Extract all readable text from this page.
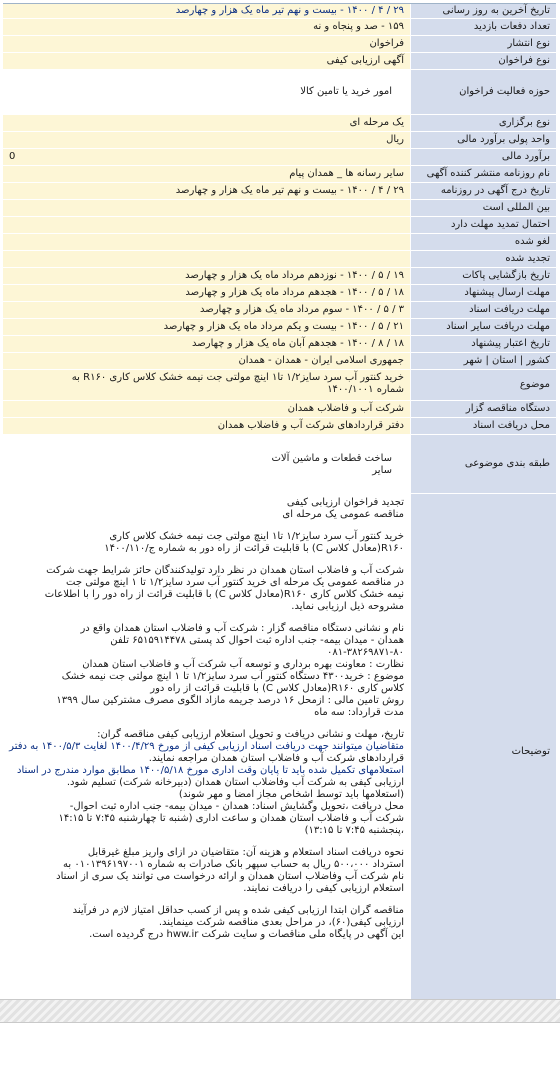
تاریخ آخرین به روز رسانی
۲۹ / ۴ / ۱۴۰۰ - بیست و نهم تیر ماه یک هزار و چهارصد
تعداد دفعات بازدید
۱۵۹ - صد و پنجاه و نه
نوع انتشار
فراخوان
نوع فراخوان
آگهی ارزیابی کیفی
حوزه فعالیت فراخوان
امور خرید یا تامین کالا
نوع برگزاری
یک مرحله ای
واحد پولی برآورد مالی
ریال
برآورد مالی
0
نام روزنامه منتشر کننده آگهی
سایر رسانه ها _ همدان پیام
تاریخ درج آگهی در روزنامه
۲۹ / ۴ / ۱۴۰۰ - بیست و نهم تیر ماه یک هزار و چهارصد
بین المللی است
احتمال تمدید مهلت دارد
لغو شده
تجدید شده
تاریخ بازگشایی پاکات
۱۹ / ۵ / ۱۴۰۰ - نوزدهم مرداد ماه یک هزار و چهارصد
مهلت ارسال پیشنهاد
۱۸ / ۵ / ۱۴۰۰ - هجدهم مرداد ماه یک هزار و چهارصد
مهلت دریافت اسناد
۳ / ۵ / ۱۴۰۰ - سوم مرداد ماه یک هزار و چهارصد
مهلت دریافت سایر اسناد
۲۱ / ۵ / ۱۴۰۰ - بیست و یکم مرداد ماه یک هزار و چهارصد
تاریخ اعتبار پیشنهاد
۱۸ / ۸ / ۱۴۰۰ - هجدهم آبان ماه یک هزار و چهارصد
کشور | استان | شهر
جمهوری اسلامی ایران - همدان - همدان
موضوع
خرید کنتور آب سرد سایز۱/۲ تا۱ اینچ مولتی جت نیمه خشک کلاس کاری R۱۶۰ به
شماره ۱۴۰۰/۱۰۰۱
دستگاه مناقصه گزار
شرکت آب و فاضلاب همدان
محل دریافت اسناد
دفتر قراردادهای شرکت آب و فاضلاب همدان
طبقه بندی موضوعی
ساخت قطعات و ماشین آلات
سایر
توضیحات

تجدید فراخوان ارزیابی کیفی

مناقصه عمومی یک مرحله ای

خرید کنتور آب سرد سایز۱/۲ تا۱ اینچ مولتی جت نیمه خشک کلاس کاری

R۱۶۰(معادل کلاس C) با قابلیت قرائت از راه دور به شماره ج/۱۴۰۰/۱۱۰

شرکت آب و فاضلاب استان همدان در نظر دارد تولیدکنندگان حائز شرایط جهت شرکت

در مناقصه عمومی یک مرحله ای خرید کنتور آب سرد سایز۱/۲ تا ۱ اینچ مولتی جت

نیمه خشک کلاس کاری R۱۶۰(معادل کلاس C) با قابلیت قرائت از راه دور را با اطلاعات

مشروحه ذیل ارزیابی نماید.

نام و نشانی دستگاه مناقصه گزار : شرکت آب و فاضلاب استان همدان واقع در

همدان - میدان بیمه- جنب اداره ثبت احوال کد پستی ۶۵۱۵۹۱۴۴۷۸ تلفن

۰۸۱-۳۸۲۶۹۸۷۱-۸۰

نظارت : معاونت بهره برداری و توسعه آب شرکت آب و فاضلاب استان همدان

موضوع : خرید۴۳۰۰ دستگاه کنتور آب سرد سایز۱/۲ تا ۱ اینچ مولتی جت نیمه خشک

کلاس کاری R۱۶۰(معادل کلاس C) با قابلیت قرائت از راه دور

روش تامین مالی : ازمحل ۱۶ درصد جریمه مازاد الگوی مصرف مشترکین سال ۱۳۹۹

مدت قرارداد: سه ماه

تاریخ، مهلت و نشانی دریافت و تحویل استعلام ارزیابی کیفی مناقصه گران:

متقاضیان میتوانند جهت دریافت اسناد ارزیابی کیفی از مورخ ۱۴۰۰/۴/۲۹ لغایت ۱۴۰۰/۵/۳ به دفتر

قراردادهای شرکت آب و فاضلاب استان همدان مراجعه نمایند.

استعلامهای تکمیل شده باید تا پایان وقت اداری مورخ ۱۴۰۰/۵/۱۸ مطابق موارد مندرج در اسناد

ارزیابی کیفی به شرکت آب وفاضلاب استان همدان (دبیرخانه شرکت) تسلیم شود.

(استعلامها باید توسط اشخاص مجاز امضا و مهر شوند)

محل دریافت ،تحویل وگشایش اسناد: همدان - میدان بیمه- جنب اداره ثبت احوال-

شرکت آب و فاضلاب استان همدان و ساعت اداری (شنبه تا چهارشنبه ۷:۴۵ تا ۱۴:۱۵

،پنجشنبه ۷:۴۵ تا ۱۳:۱۵)

نحوه دریافت اسناد استعلام و هزینه آن: متقاضیان در ازای واریز مبلغ غیرقابل

استرداد ۵۰۰،۰۰۰ ریال به حساب سپهر بانک صادرات به شماره ۰۱۰۱۳۹۶۱۹۷۰۰۱ به

نام شرکت آب وفاضلاب استان همدان و ارائه درخواست می توانند یک سری از اسناد

استعلام ارزیابی کیفی را دریافت نمایند.

مناقصه گران ابتدا ارزیابی کیفی شده و پس از کسب حداقل امتیاز لازم در فرآیند

ارزیابی کیفی(۶۰)، در مراحل بعدی مناقصه شرکت مینمایند.

این آگهی در پایگاه ملی مناقصات و سایت شرکت hww.ir درج گردیده است.
